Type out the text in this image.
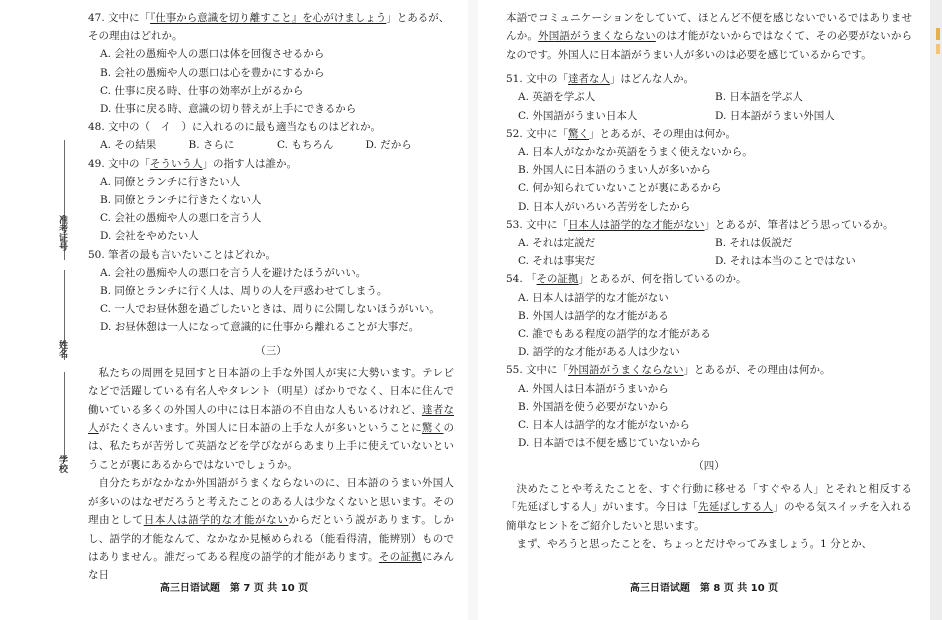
准考证号
姓名
学校
47. 文中に「『仕事から意識を切り離すこと』を心がけましょう」とあるが、
その理由はどれか。
A. 会社の愚痴や人の悪口は体を回復させるから
B. 会社の愚痴や人の悪口は心を豊かにするから
C. 仕事に戻る時、仕事の効率が上がるから
D. 仕事に戻る時、意識の切り替えが上手にできるから
48. 文中の（　イ　）に入れるのに最も適当なものはどれか。
A. その結果	B. さらに	C. もちろん	D. だから
49. 文中の「そういう人」の指す人は誰か。
A. 同僚とランチに行きたい人
B. 同僚とランチに行きたくない人
C. 会社の愚痴や人の悪口を言う人
D. 会社をやめたい人
50. 筆者の最も言いたいことはどれか。
A. 会社の愚痴や人の悪口を言う人を避けたほうがいい。
B. 同僚とランチに行く人は、周りの人を戸惑わせてしまう。
C. 一人でお昼休憩を過ごしたいときは、周りに公開しないほうがいい。
D. お昼休憩は一人になって意識的に仕事から離れることが大事だ。
（三）
私たちの周囲を見回すと日本語の上手な外国人が実に大勢います。テレビなどで活躍している有名人やタレント（明星）ばかりでなく、日本に住んで働いている多くの外国人の中には日本語の不自由な人もいるけれど、達者な人がたくさんいます。外国人に日本語の上手な人が多いということに驚くのは、私たちが苦労して英語などを学びながらあまり上手に使えていないということが裏にあるからではないでしょうか。
自分たちがなかなか外国語がうまくならないのに、日本語のうまい外国人が多いのはなぜだろうと考えたことのある人は少なくないと思います。その理由として日本人は語学的な才能がないからだという説があります。しかし、語学的才能なんて、なかなか見極められる（能看得清，能辨别）ものではありません。誰だってある程度の語学的才能があります。その証拠にみんな日
高三日语试题　第 7 页 共 10 页
本語でコミュニケーションをしていて、ほとんど不便を感じないでいるではありませんか。外国語がうまくならないのは才能がないからではなくて、その必要がないからなのです。外国人に日本語がうまい人が多いのは必要を感じているからです。
51. 文中の「達者な人」はどんな人か。
A. 英語を学ぶ人	B. 日本語を学ぶ人
C. 外国語がうまい日本人	D. 日本語がうまい外国人
52. 文中に「驚く」とあるが、その理由は何か。
A. 日本人がなかなか英語をうまく使えないから。
B. 外国人に日本語のうまい人が多いから
C. 何か知られていないことが裏にあるから
D. 日本人がいろいろ苦労をしたから
53. 文中に「日本人は語学的な才能がない」とあるが、筆者はどう思っているか。
A. それは定説だ	B. それは仮説だ
C. それは事実だ	D. それは本当のことではない
54. 「その証拠」とあるが、何を指しているのか。
A. 日本人は語学的な才能がない
B. 外国人は語学的な才能がある
C. 誰でもある程度の語学的な才能がある
D. 語学的な才能がある人は少ない
55. 文中に「外国語がうまくならない」とあるが、その理由は何か。
A. 外国人は日本語がうまいから
B. 外国語を使う必要がないから
C. 日本人は語学的な才能がないから
D. 日本語では不便を感じていないから
（四）
決めたことや考えたことを、すぐ行動に移せる「すぐやる人」とそれと相反する「先延ばしする人」がいます。今日は「先延ばしする人」のやる気スイッチを入れる簡単なヒントをご紹介したいと思います。
まず、やろうと思ったことを、ちょっとだけやってみましょう。1 分とか、
高三日语试题　第 8 页 共 10 页
